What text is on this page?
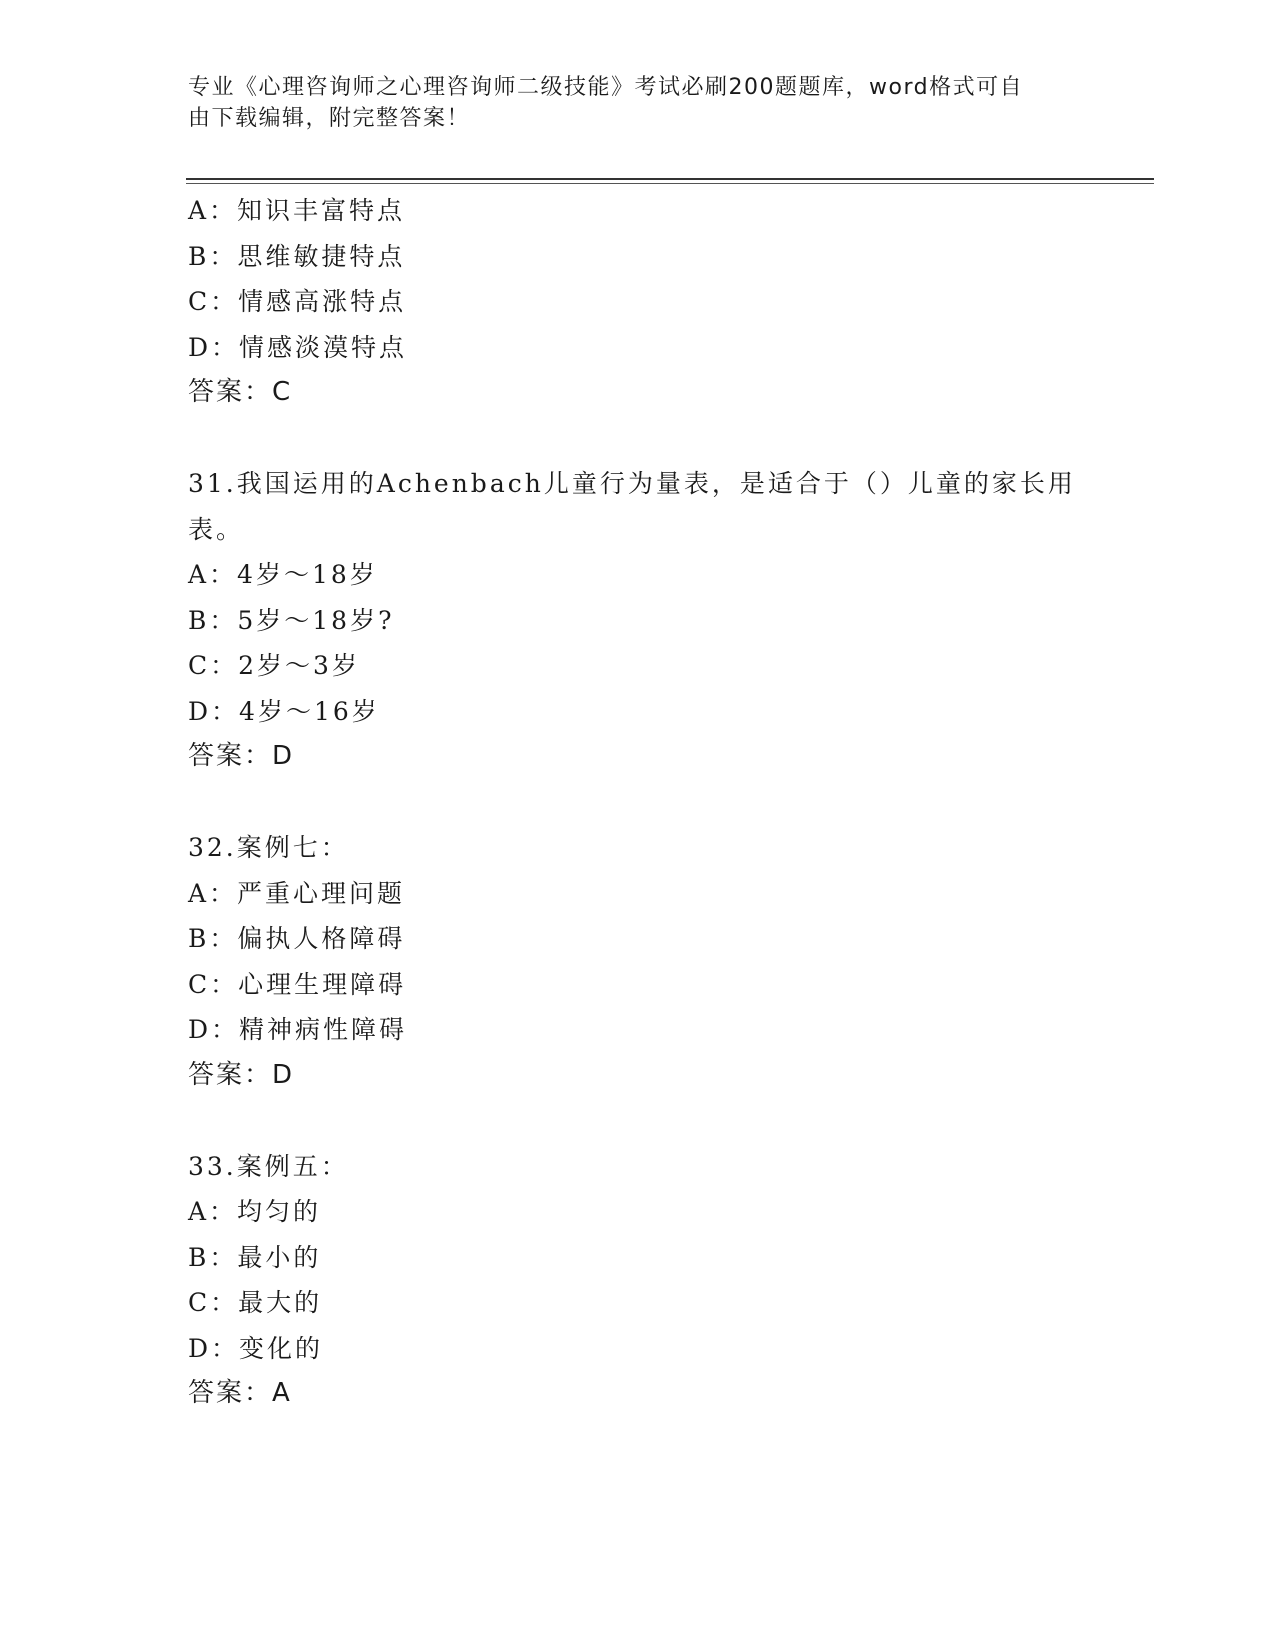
专业《心理咨询师之心理咨询师二级技能》考试必刷200题题库，word格式可自
由下载编辑，附完整答案！
A：知识丰富特点
B：思维敏捷特点
C：情感高涨特点
D：情感淡漠特点
答案：C
31.我国运用的Achenbach儿童行为量表，是适合于（）儿童的家长用
表。
A：4岁～18岁
B：5岁～18岁?
C：2岁～3岁
D：4岁～16岁
答案：D
32.案例七：
A：严重心理问题
B：偏执人格障碍
C：心理生理障碍
D：精神病性障碍
答案：D
33.案例五：
A：均匀的
B：最小的
C：最大的
D：变化的
答案：A
